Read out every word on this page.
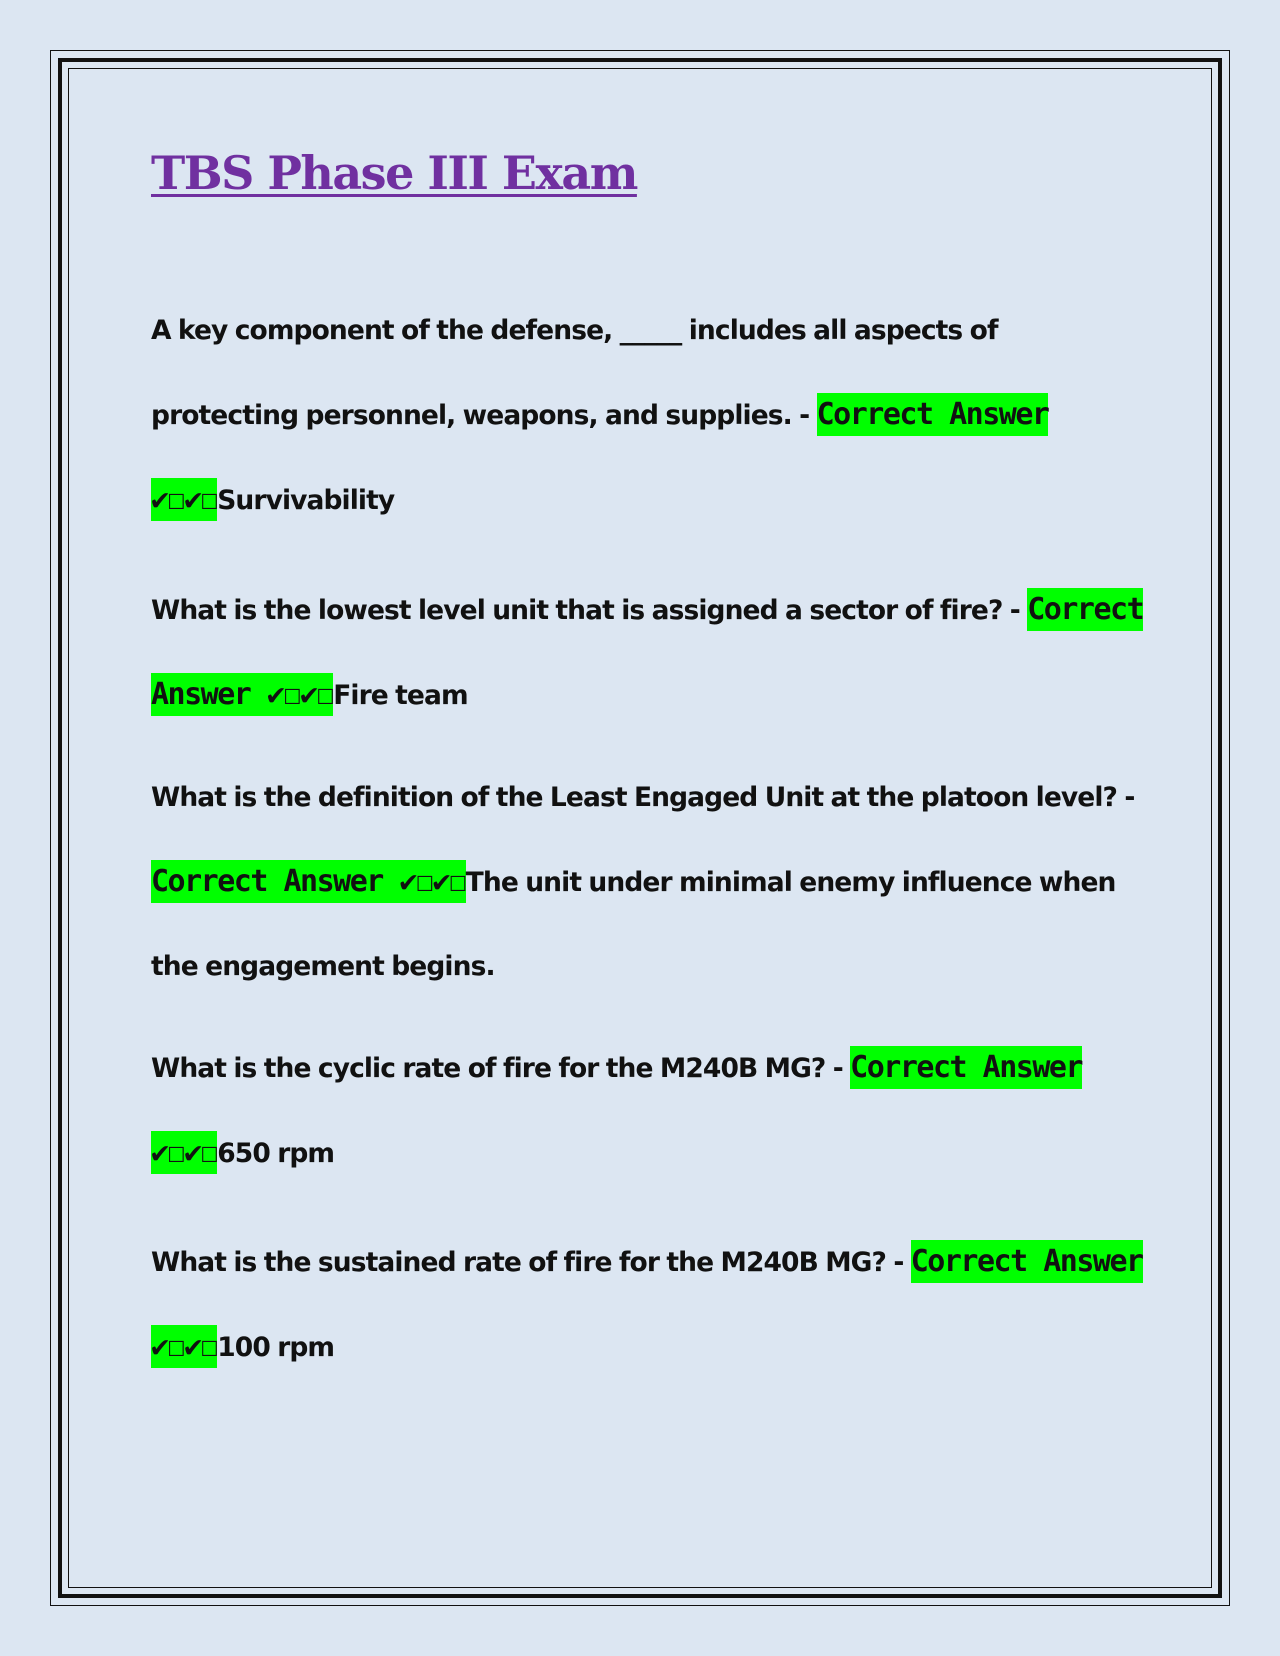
TBS Phase III Exam

A key component of the defense, _____ includes all aspects of protecting personnel, weapons, and supplies. - Correct Answer ✔☐✔☐Survivability

What is the lowest level unit that is assigned a sector of fire? - Correct Answer ✔☐✔☐Fire team

What is the definition of the Least Engaged Unit at the platoon level? - Correct Answer ✔☐✔☐The unit under minimal enemy influence when the engagement begins.

What is the cyclic rate of fire for the M240B MG? - Correct Answer ✔☐✔☐650 rpm

What is the sustained rate of fire for the M240B MG? - Correct Answer ✔☐✔☐100 rpm
